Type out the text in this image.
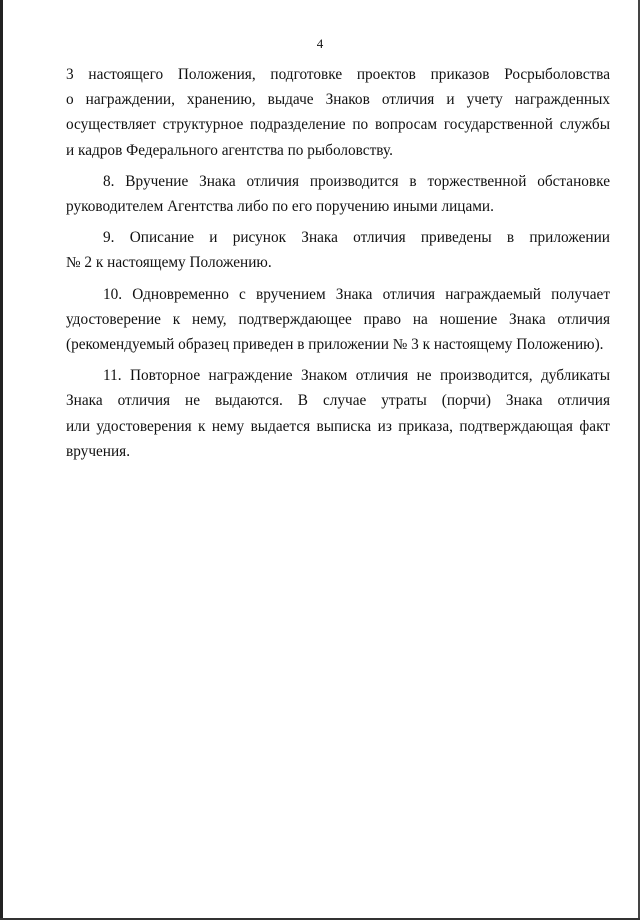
4

3 настоящего Положения, подготовке проектов приказов Росрыболовства
о награждении, хранению, выдаче Знаков отличия и учету награжденных
осуществляет структурное подразделение по вопросам государственной службы
и кадров Федерального агентства по рыболовству.

8. Вручение Знака отличия производится в торжественной обстановке
руководителем Агентства либо по его поручению иными лицами.

9. Описание и рисунок Знака отличия приведены в приложении
№ 2 к настоящему Положению.

10. Одновременно с вручением Знака отличия награждаемый получает
удостоверение к нему, подтверждающее право на ношение Знака отличия
(рекомендуемый образец приведен в приложении № 3 к настоящему Положению).

11. Повторное награждение Знаком отличия не производится, дубликаты
Знака отличия не выдаются. В случае утраты (порчи) Знака отличия
или удостоверения к нему выдается выписка из приказа, подтверждающая факт
вручения.
